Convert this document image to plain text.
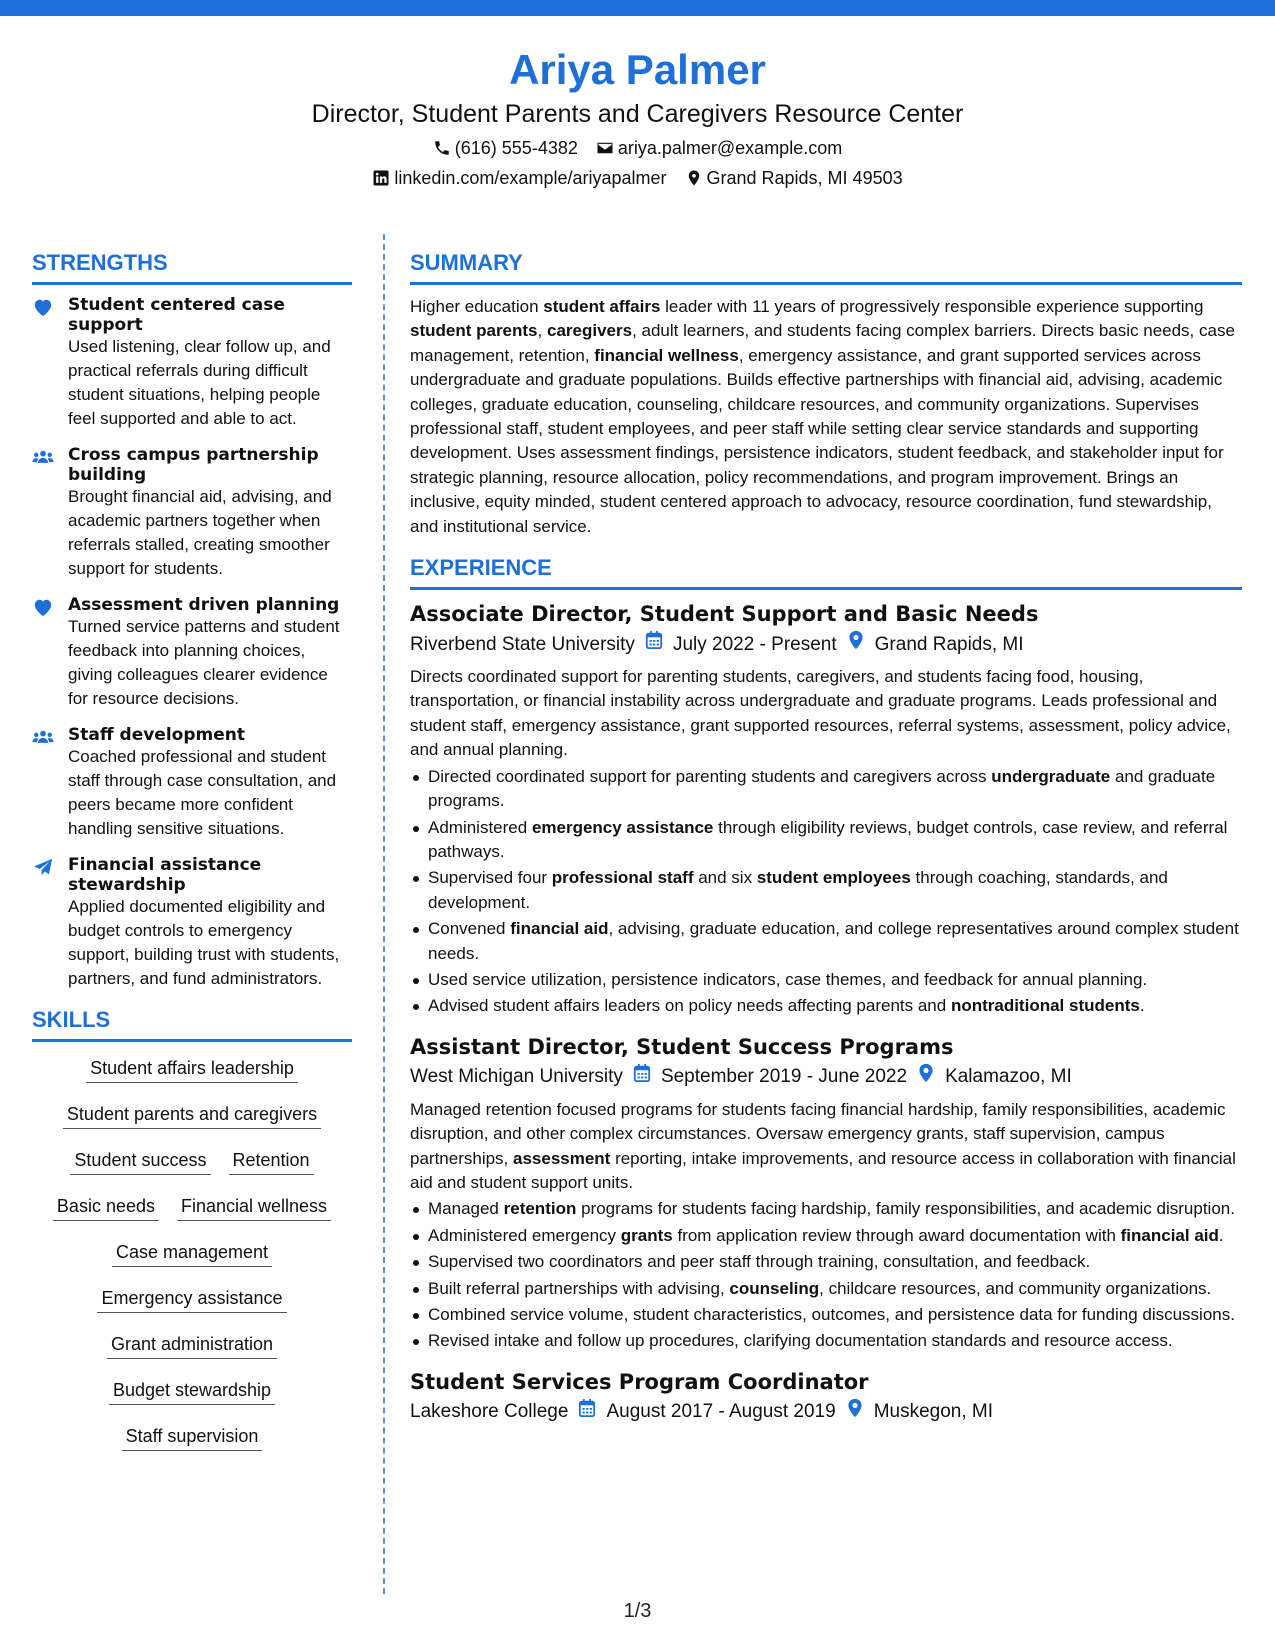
Ariya Palmer
Director, Student Parents and Caregivers Resource Center
(616) 555-4382 ariya.palmer@example.com
linkedin.com/example/ariyapalmer Grand Rapids, MI 49503
STRENGTHS
Student centered case support
Used listening, clear follow up, and practical referrals during difficult student situations, helping people feel supported and able to act.
Cross campus partnership building
Brought financial aid, advising, and academic partners together when referrals stalled, creating smoother support for students.
Assessment driven planning
Turned service patterns and student feedback into planning choices, giving colleagues clearer evidence for resource decisions.
Staff development
Coached professional and student staff through case consultation, and peers became more confident handling sensitive situations.
Financial assistance stewardship
Applied documented eligibility and budget controls to emergency support, building trust with students, partners, and fund administrators.
SKILLS
Student affairs leadership
Student parents and caregivers
Student success Retention
Basic needs Financial wellness
Case management
Emergency assistance
Grant administration
Budget stewardship
Staff supervision
SUMMARY

Higher education student affairs leader with 11 years of progressively responsible experience supporting student parents, caregivers, adult learners, and students facing complex barriers. Directs basic needs, case management, retention, financial wellness, emergency assistance, and grant supported services across undergraduate and graduate populations. Builds effective partnerships with financial aid, advising, academic colleges, graduate education, counseling, childcare resources, and community organizations. Supervises professional staff, student employees, and peer staff while setting clear service standards and supporting development. Uses assessment findings, persistence indicators, student feedback, and stakeholder input for strategic planning, resource allocation, policy recommendations, and program improvement. Brings an inclusive, equity minded, student centered approach to advocacy, resource coordination, fund stewardship, and institutional service.

EXPERIENCE
Associate Director, Student Support and Basic Needs
Riverbend State University July 2022 - Present Grand Rapids, MI

Directs coordinated support for parenting students, caregivers, and students facing food, housing, transportation, or financial instability across undergraduate and graduate programs. Leads professional and student staff, emergency assistance, grant supported resources, referral systems, assessment, policy advice, and annual planning.

Directed coordinated support for parenting students and caregivers across undergraduate and graduate programs.
Administered emergency assistance through eligibility reviews, budget controls, case review, and referral pathways.
Supervised four professional staff and six student employees through coaching, standards, and development.
Convened financial aid, advising, graduate education, and college representatives around complex student needs.
Used service utilization, persistence indicators, case themes, and feedback for annual planning.
Advised student affairs leaders on policy needs affecting parents and nontraditional students.
Assistant Director, Student Success Programs
West Michigan University September 2019 - June 2022 Kalamazoo, MI

Managed retention focused programs for students facing financial hardship, family responsibilities, academic disruption, and other complex circumstances. Oversaw emergency grants, staff supervision, campus partnerships, assessment reporting, intake improvements, and resource access in collaboration with financial aid and student support units.

Managed retention programs for students facing hardship, family responsibilities, and academic disruption.
Administered emergency grants from application review through award documentation with financial aid.
Supervised two coordinators and peer staff through training, consultation, and feedback.
Built referral partnerships with advising, counseling, childcare resources, and community organizations.
Combined service volume, student characteristics, outcomes, and persistence data for funding discussions.
Revised intake and follow up procedures, clarifying documentation standards and resource access.
Student Services Program Coordinator
Lakeshore College August 2017 - August 2019 Muskegon, MI
1/3
